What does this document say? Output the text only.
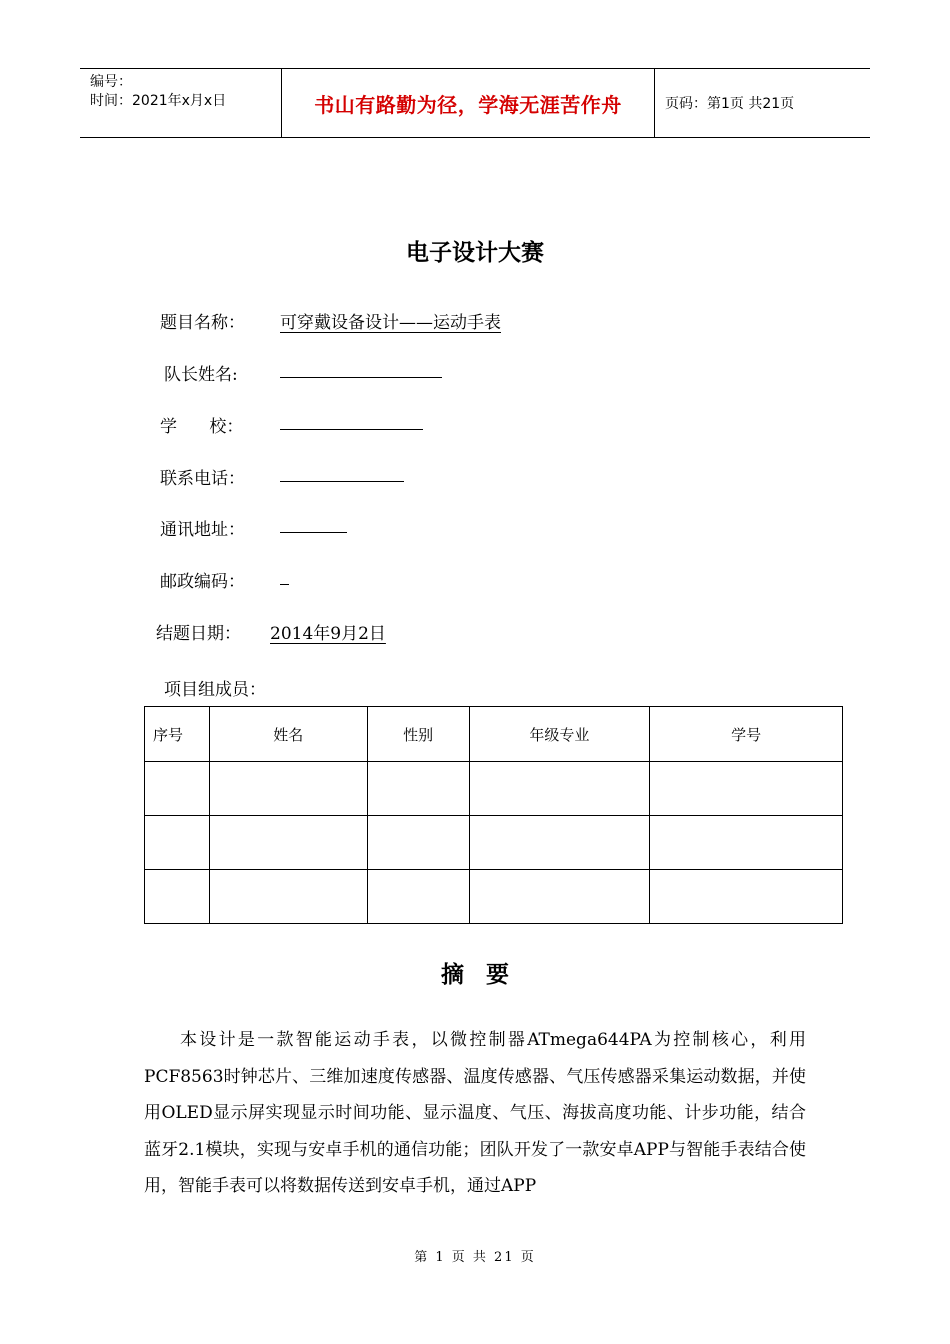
编号：
时间：2021年x月x日	书山有路勤为径，学海无涯苦作舟	页码：第1页 共21页
电子设计大赛
题目名称： 可穿戴设备设计——运动手表
队长姓名:
学      校：
联系电话：
通讯地址：
邮政编码：
结题日期： 2014年9月2日
项目组成员：
序号	姓名	性别	年级专业	学号

摘要
本设计是一款智能运动手表，以微控制器ATmega644PA为控制核心，利用PCF8563时钟芯片、三维加速度传感器、温度传感器、气压传感器采集运动数据，并使用OLED显示屏实现显示时间功能、显示温度、气压、海拔高度功能、计步功能，结合蓝牙2.1模块，实现与安卓手机的通信功能；团队开发了一款安卓APP与智能手表结合使用，智能手表可以将数据传送到安卓手机，通过APP
第 1 页 共 21 页
